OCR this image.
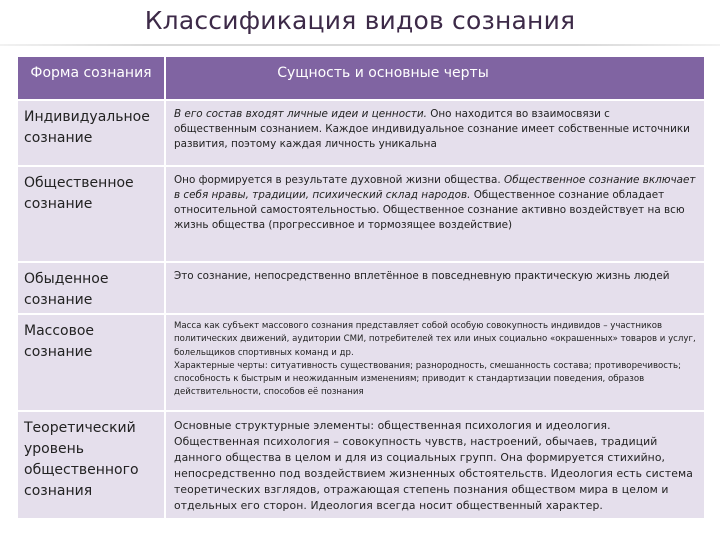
Классификация видов сознания
Форма сознания	Сущность и основные черты
Индивидуальное сознание	В его состав входят личные идеи и ценности. Оно находится во взаимосвязи с общественным сознанием. Каждое индивидуальное сознание имеет собственные источники развития, поэтому каждая личность уникальна
Общественное сознание	Оно формируется в результате духовной жизни общества. Общественное сознание включает в себя нравы, традиции, психический склад народов. Общественное сознание обладает относительной самостоятельностью. Общественное сознание активно воздействует на всю жизнь общества (прогрессивное и тормозящее воздействие)
Обыденное сознание	Это сознание, непосредственно вплетённое в повседневную практическую жизнь людей
Массовое сознание	Масса как субъект массового сознания представляет собой особую совокупность индивидов – участников политических движений, аудитории СМИ, потребителей тех или иных социально «окрашенных» товаров и услуг, болельщиков спортивных команд и др.
Характерные черты: ситуативность существования; разнородность, смешанность состава; противоречивость; способность к быстрым и неожиданным изменениям; приводит к стандартизации поведения, образов действительности, способов её познания

Теоретический уровень общественного сознания	Основные структурные элементы: общественная психология и идеология. Общественная психология – совокупность чувств, настроений, обычаев, традиций данного общества в целом и для из социальных групп. Она формируется стихийно, непосредственно под воздействием жизненных обстоятельств. Идеология есть система теоретических взглядов, отражающая степень познания обществом мира в целом и отдельных его сторон. Идеология всегда носит общественный характер.
